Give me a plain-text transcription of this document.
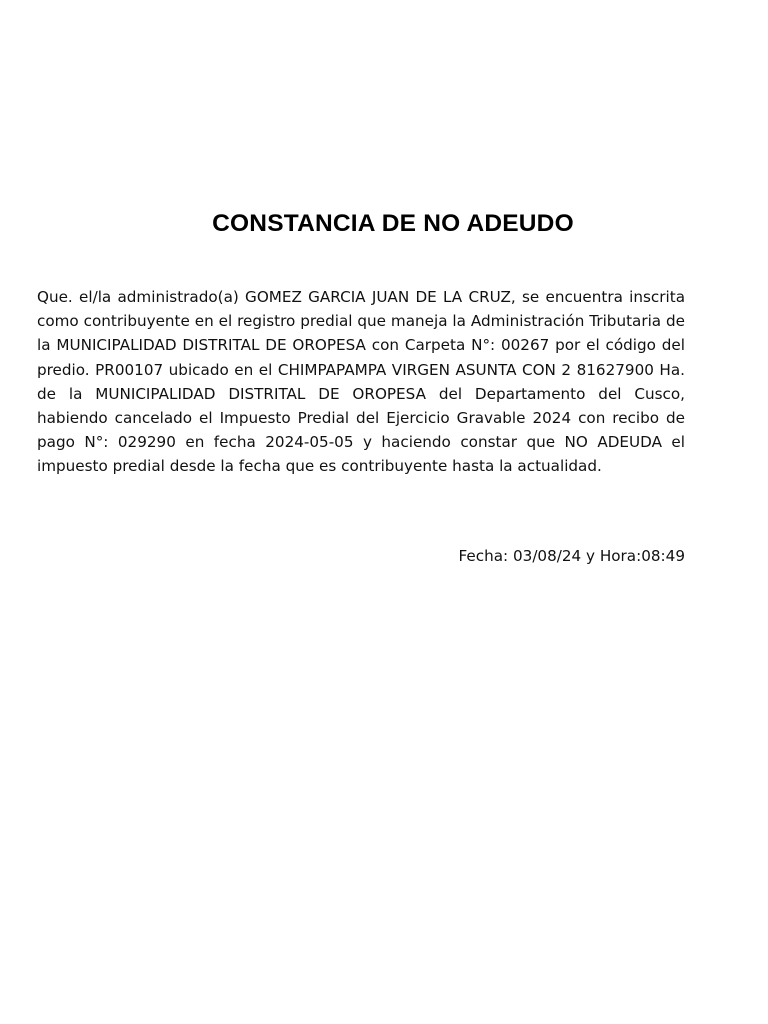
CONSTANCIA DE NO ADEUDO

Que. el/la administrado(a) GOMEZ GARCIA JUAN DE LA CRUZ, se encuentra inscrita como contribuyente en el registro predial que maneja la Administración Tributaria de la MUNICIPALIDAD DISTRITAL DE OROPESA con Carpeta N°: 00267 por el código del predio. PR00107 ubicado en el CHIMPAPAMPA VIRGEN ASUNTA CON 2 81627900 Ha. de la MUNICIPALIDAD DISTRITAL DE OROPESA del Departamento del Cusco, habiendo cancelado el Impuesto Predial del Ejercicio Gravable 2024 con recibo de pago N°: 029290 en fecha 2024-05-05 y haciendo constar que NO ADEUDA el impuesto predial desde la fecha que es contribuyente hasta la actualidad.

Fecha: 03/08/24 y Hora:08:49
